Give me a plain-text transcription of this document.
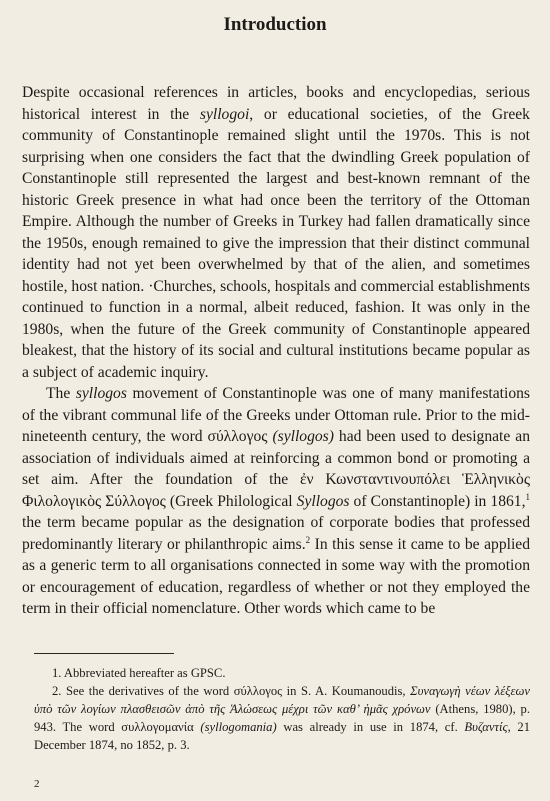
Introduction

Despite occasional references in articles, books and encyclopedias, serious historical interest in the syllogoi, or educational societies, of the Greek community of Constantinople remained slight until the 1970s. This is not surprising when one considers the fact that the dwindling Greek population of Constantinople still represented the largest and best-known remnant of the historic Greek presence in what had once been the territory of the Ottoman Empire. Although the number of Greeks in Turkey had fallen dramatically since the 1950s, enough remained to give the impression that their distinct communal identity had not yet been overwhelmed by that of the alien, and sometimes hostile, host nation. ·Churches, schools, hospitals and commercial establishments continued to function in a normal, albeit reduced, fashion. It was only in the 1980s, when the future of the Greek community of Constantinople appeared bleakest, that the history of its social and cultural institutions became popular as a subject of academic inquiry.

The syllogos movement of Constantinople was one of many manifestations of the vibrant communal life of the Greeks under Ottoman rule. Prior to the mid-nineteenth century, the word σύλλογος (syllogos) had been used to designate an association of individuals aimed at reinforcing a common bond or promoting a set aim. After the foundation of the ἐν Κωνσταντινουπόλει Ἑλληνικὸς Φιλολογικὸς Σύλλογος (Greek Philological Syllogos of Constantinople) in 1861,$^1$ the term became popular as the designation of corporate bodies that professed predominantly literary or philanthropic aims.$^2$ In this sense it came to be applied as a generic term to all organisations connected in some way with the promotion or encouragement of education, regardless of whether or not they employed the term in their official nomenclature. Other words which came to be

1. Abbreviated hereafter as GPSC.

2. See the derivatives of the word σύλλογος in S. A. Koumanoudis, Συναγωγὴ νέων λέξεων ὑπὸ τῶν λογίων πλασθεισῶν ἀπὸ τῆς Ἁλώσεως μέχρι τῶν καθ’ ἡμᾶς χρόνων (Athens, 1980), p. 943. The word συλλογομανία (syllogomania) was already in use in 1874, cf. Βυζαντίς, 21 December 1874, no 1852, p. 3.

2
